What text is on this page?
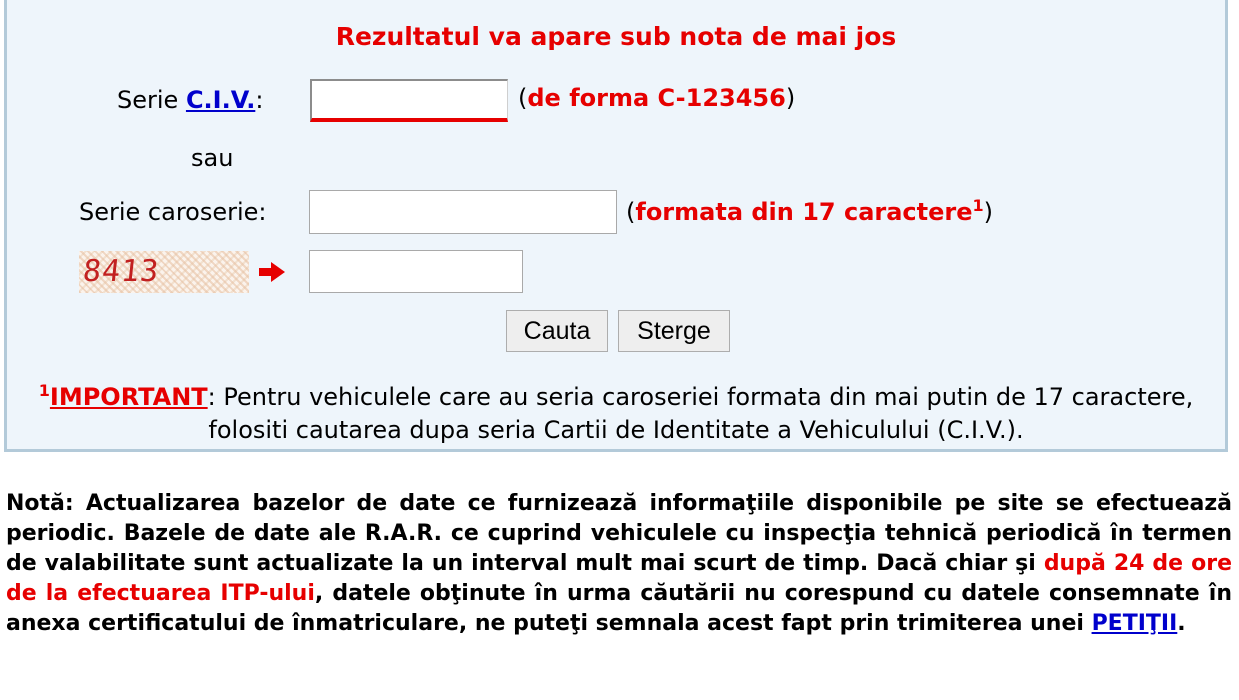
Rezultatul va apare sub nota de mai jos
Serie C.I.V.:	(de forma C-123456)
sau
Serie caroserie:	(formata din 17 caractere$^1$)
8413
Cauta	Sterge
$^1$IMPORTANT: Pentru vehiculele care au seria caroseriei formata din mai putin de 17 caractere, folositi cautarea dupa seria Cartii de Identitate a Vehiculului (C.I.V.).
Notă: Actualizarea bazelor de date ce furnizează informaţiile disponibile pe site se efectuează periodic. Bazele de date ale R.A.R. ce cuprind vehiculele cu inspecţia tehnică periodică în termen de valabilitate sunt actualizate la un interval mult mai scurt de timp. Dacă chiar şi după 24 de ore de la efectuarea ITP-ului, datele obţinute în urma căutării nu corespund cu datele consemnate în anexa certificatului de înmatriculare, ne puteţi semnala acest fapt prin trimiterea unei PETIŢII.
